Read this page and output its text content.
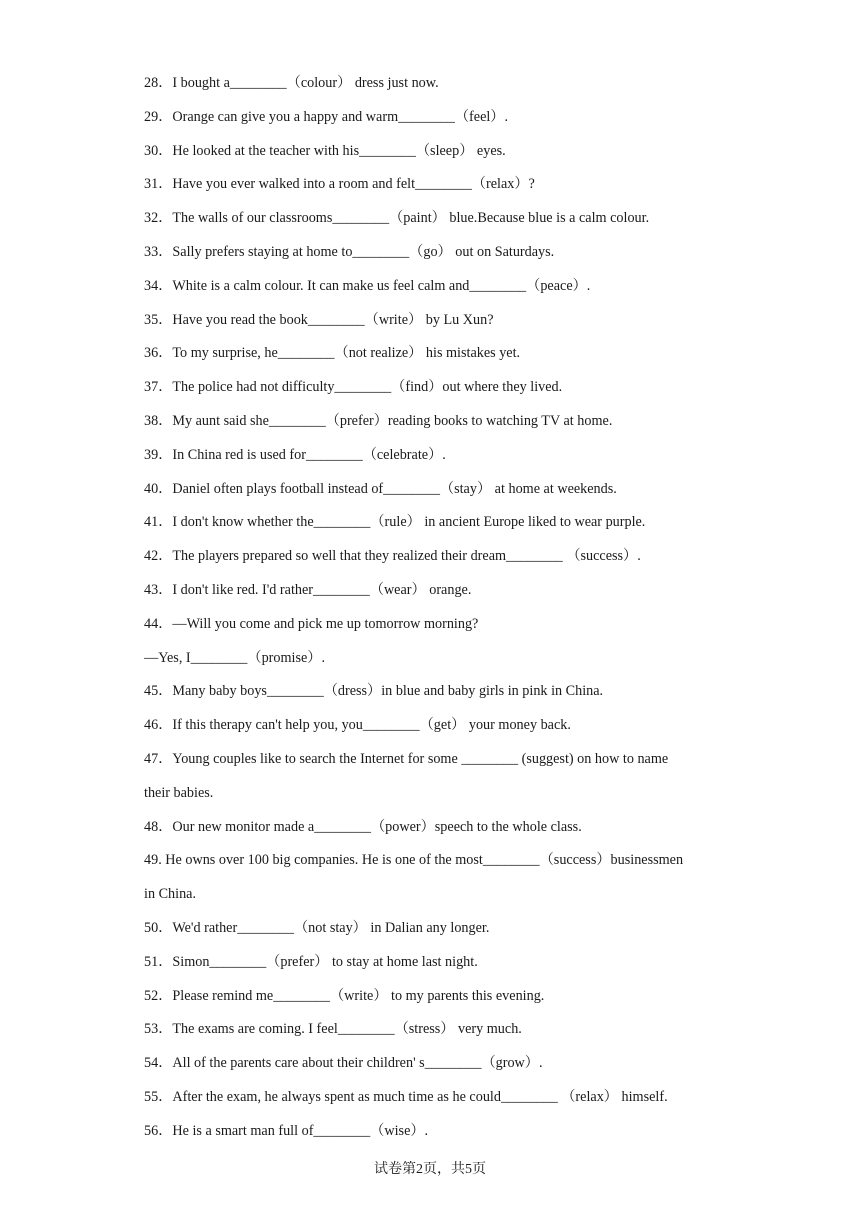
28．I bought a________（colour） dress just now.
29．Orange can give you a happy and warm________（feel）.
30．He looked at the teacher with his________（sleep） eyes.
31．Have you ever walked into a room and felt________（relax）?
32．The walls of our classrooms________（paint） blue.Because blue is a calm colour.
33．Sally prefers staying at home to________（go） out on Saturdays.
34．White is a calm colour. It can make us feel calm and________（peace）.
35．Have you read the book________（write） by Lu Xun?
36．To my surprise, he________（not realize） his mistakes yet.
37．The police had not difficulty________（find）out where they lived.
38．My aunt said she________（prefer）reading books to watching TV at home.
39．In China red is used for________（celebrate）.
40．Daniel often plays football instead of________（stay） at home at weekends.
41．I don't know whether the________（rule） in ancient Europe liked to wear purple.
42．The players prepared so well that they realized their dream________ （success）.
43．I don't like red. I'd rather________（wear） orange.
44．—Will you come and pick me up tomorrow morning?
—Yes, I________（promise）.
45．Many baby boys________（dress）in blue and baby girls in pink in China.
46．If this therapy can't help you, you________（get） your money back.
47．Young couples like to search the Internet for some ________ (suggest) on how to name
their babies.
48．Our new monitor made a________（power）speech to the whole class.
49. He owns over 100 big companies. He is one of the most________（success）businessmen
in China.
50．We'd rather________（not stay） in Dalian any longer.
51．Simon________（prefer） to stay at home last night.
52．Please remind me________（write） to my parents this evening.
53．The exams are coming. I feel________（stress） very much.
54．All of the parents care about their children' s________（grow）.
55．After the exam, he always spent as much time as he could________ （relax） himself.
56．He is a smart man full of________（wise）.
试卷第2页，共5页
